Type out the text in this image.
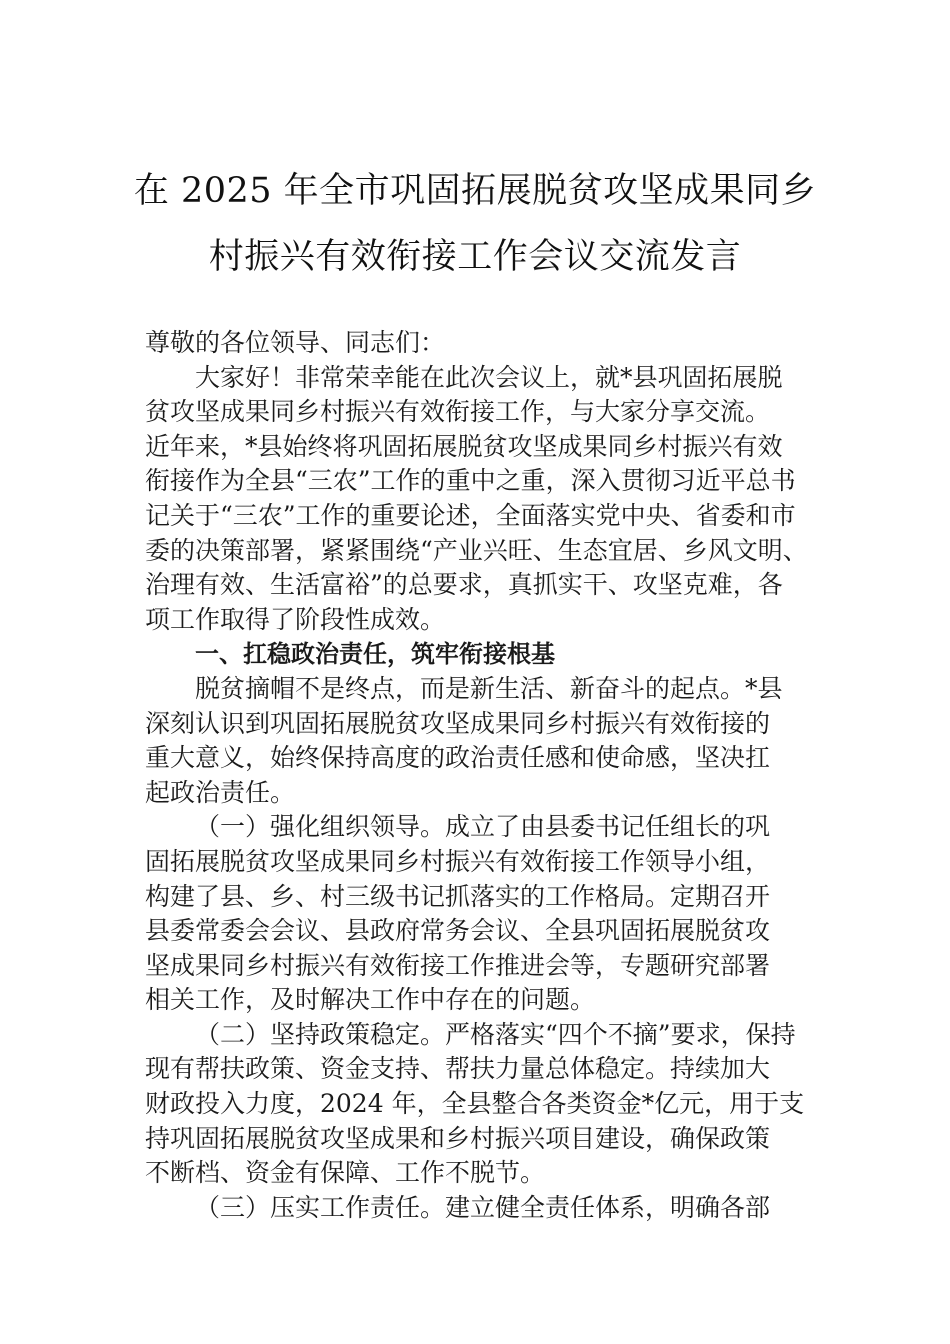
在 2025 年全市巩固拓展脱贫攻坚成果同乡
村振兴有效衔接工作会议交流发言
尊敬的各位领导、同志们：
大家好！非常荣幸能在此次会议上，就*县巩固拓展脱
贫攻坚成果同乡村振兴有效衔接工作，与大家分享交流。
近年来，*县始终将巩固拓展脱贫攻坚成果同乡村振兴有效
衔接作为全县“三农”工作的重中之重，深入贯彻习近平总书
记关于“三农”工作的重要论述，全面落实党中央、省委和市
委的决策部署，紧紧围绕“产业兴旺、生态宜居、乡风文明、
治理有效、生活富裕”的总要求，真抓实干、攻坚克难，各
项工作取得了阶段性成效。
一、扛稳政治责任，筑牢衔接根基
脱贫摘帽不是终点，而是新生活、新奋斗的起点。*县
深刻认识到巩固拓展脱贫攻坚成果同乡村振兴有效衔接的
重大意义，始终保持高度的政治责任感和使命感，坚决扛
起政治责任。
（一）强化组织领导。成立了由县委书记任组长的巩
固拓展脱贫攻坚成果同乡村振兴有效衔接工作领导小组，
构建了县、乡、村三级书记抓落实的工作格局。定期召开
县委常委会会议、县政府常务会议、全县巩固拓展脱贫攻
坚成果同乡村振兴有效衔接工作推进会等，专题研究部署
相关工作，及时解决工作中存在的问题。
（二）坚持政策稳定。严格落实“四个不摘”要求，保持
现有帮扶政策、资金支持、帮扶力量总体稳定。持续加大
财政投入力度，2024 年，全县整合各类资金*亿元，用于支
持巩固拓展脱贫攻坚成果和乡村振兴项目建设，确保政策
不断档、资金有保障、工作不脱节。
（三）压实工作责任。建立健全责任体系，明确各部
